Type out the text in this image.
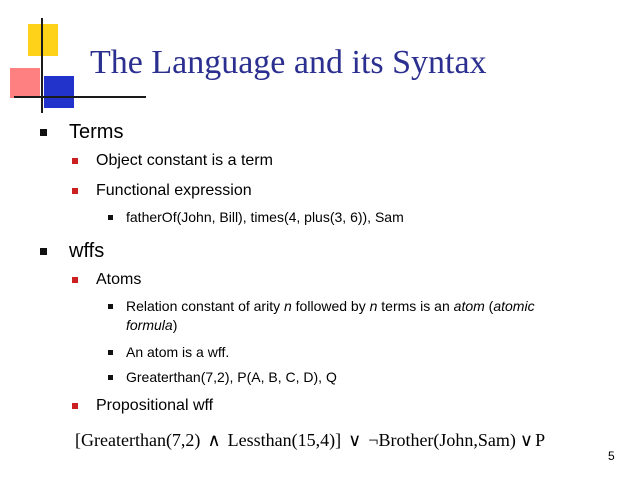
The Language and its Syntax
Terms
Object constant is a term
Functional expression
fatherOf(John, Bill), times(4, plus(3, 6)), Sam
wffs
Atoms
Relation constant of arity n followed by n terms is an atom (atomic
formula)
An atom is a wff.
Greaterthan(7,2), P(A, B, C, D), Q
Propositional wff
[Greaterthan(7,2) ∧ Lessthan(15,4)] ∨ ¬Brother(John,Sam) ∨ P
5
